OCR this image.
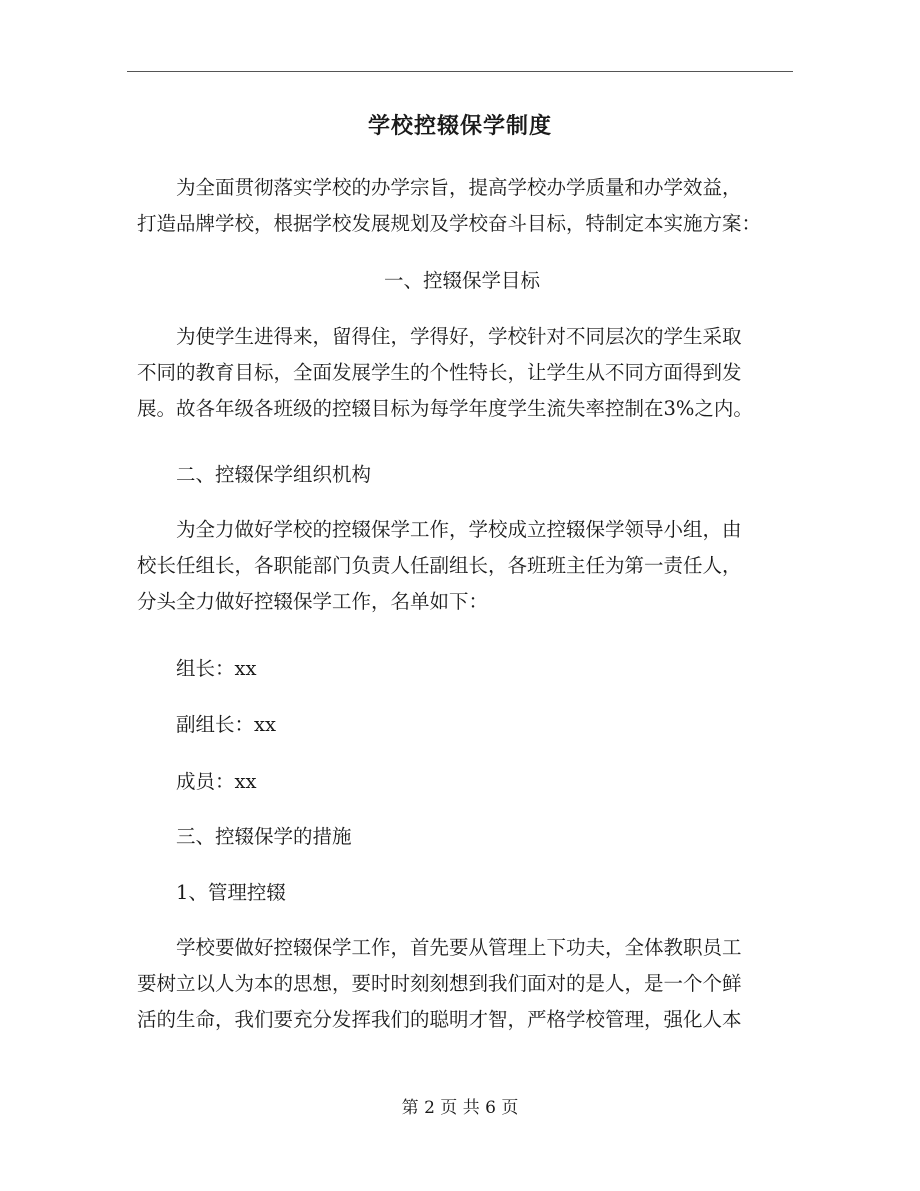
学校控辍保学制度

为全面贯彻落实学校的办学宗旨，提高学校办学质量和办学效益，
打造品牌学校，根据学校发展规划及学校奋斗目标，特制定本实施方案：

一、控辍保学目标

为使学生进得来，留得住，学得好，学校针对不同层次的学生采取
不同的教育目标，全面发展学生的个性特长，让学生从不同方面得到发
展。故各年级各班级的控辍目标为每学年度学生流失率控制在3%之内。

二、控辍保学组织机构

为全力做好学校的控辍保学工作，学校成立控辍保学领导小组，由
校长任组长，各职能部门负责人任副组长，各班班主任为第一责任人，
分头全力做好控辍保学工作，名单如下：

组长：xx

副组长：xx

成员：xx

三、控辍保学的措施

1、管理控辍

学校要做好控辍保学工作，首先要从管理上下功夫，全体教职员工
要树立以人为本的思想，要时时刻刻想到我们面对的是人，是一个个鲜
活的生命，我们要充分发挥我们的聪明才智，严格学校管理，强化人本

第 2 页 共 6 页
